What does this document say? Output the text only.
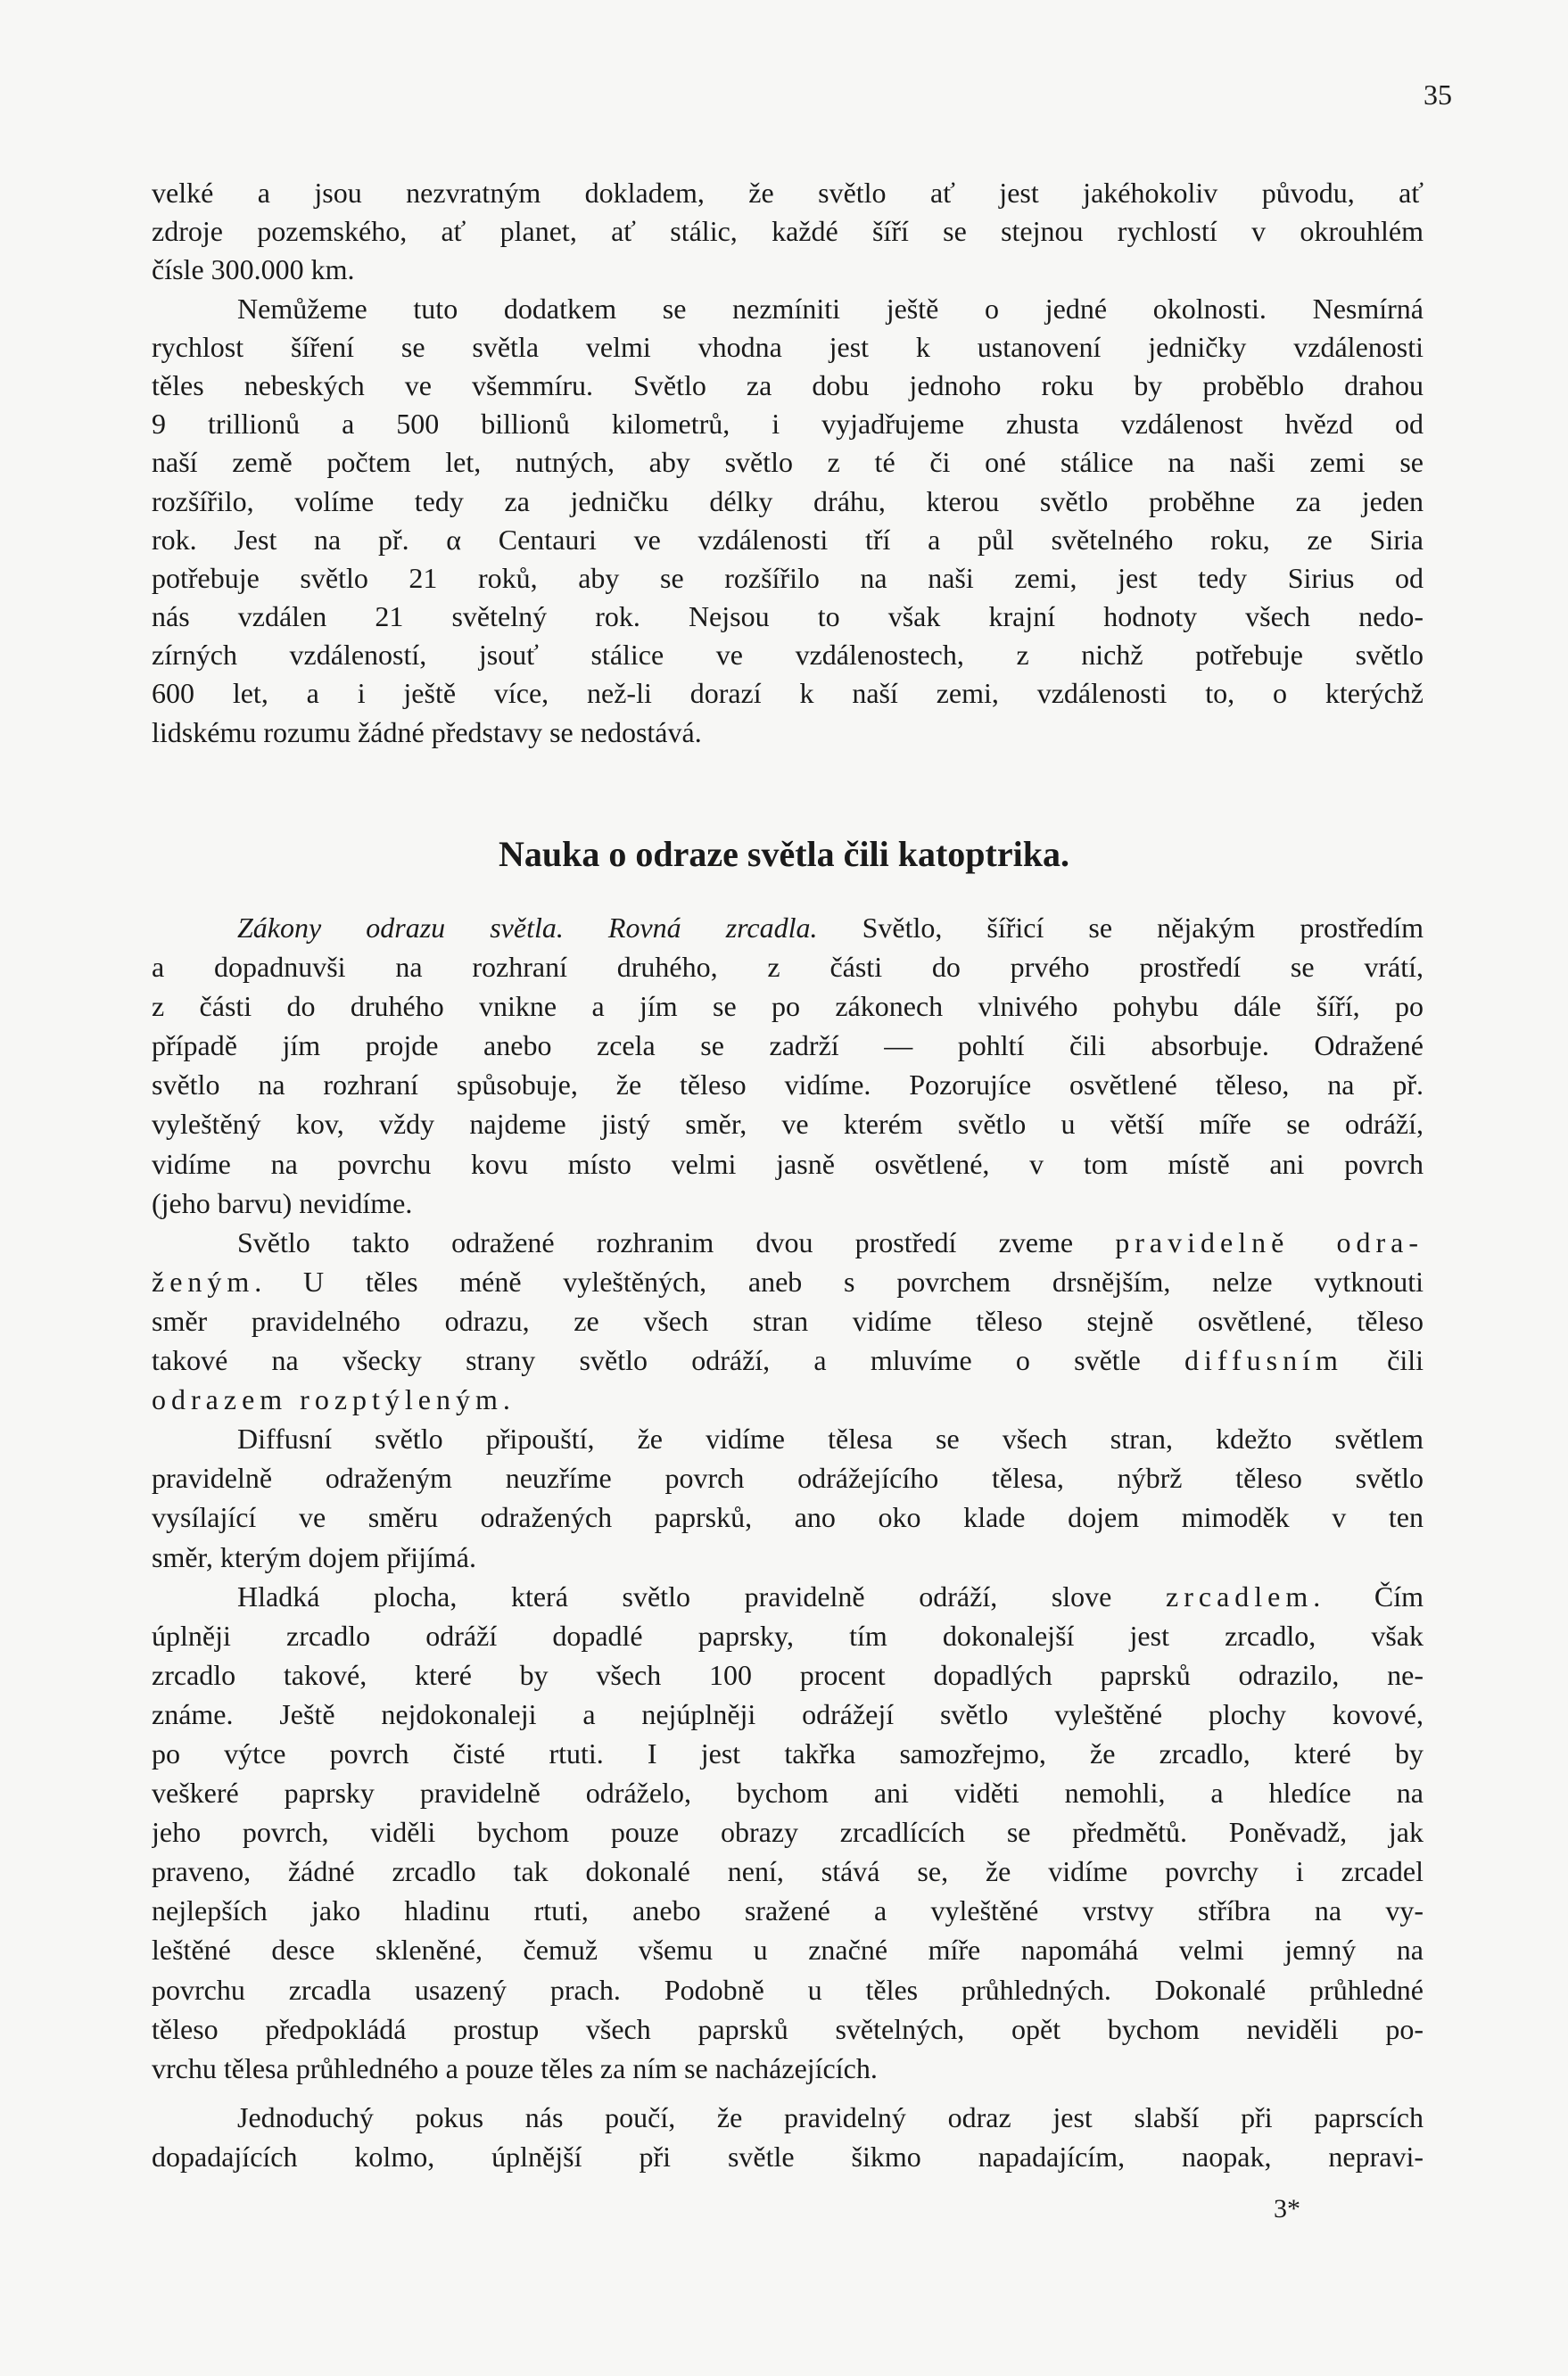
35
velké a jsou nezvratným dokladem, že světlo ať jest jakéhokoliv původu, ať
zdroje pozemského, ať planet, ať stálic, každé šíří se stejnou rychlostí v okrouhlém
čísle 300.000 km.
Nemůžeme tuto dodatkem se nezmíniti ještě o jedné okolnosti. Nesmírná
rychlost šíření se světla velmi vhodna jest k ustanovení jedničky vzdálenosti
těles nebeských ve všemmíru. Světlo za dobu jednoho roku by proběblo drahou
9 trillionů a 500 billionů kilometrů, i vyjadřujeme zhusta vzdálenost hvězd od
naší země počtem let, nutných, aby světlo z té či oné stálice na naši zemi se
rozšířilo, volíme tedy za jedničku délky dráhu, kterou světlo proběhne za jeden
rok. Jest na př. α Centauri ve vzdálenosti tří a půl světelného roku, ze Siria
potřebuje světlo 21 roků, aby se rozšířilo na naši zemi, jest tedy Sirius od
nás vzdálen 21 světelný rok. Nejsou to však krajní hodnoty všech nedo-
zírných vzdáleností, jsouť stálice ve vzdálenostech, z nichž potřebuje světlo
600 let, a i ještě více, než-li dorazí k naší zemi, vzdálenosti to, o kterýchž
lidskému rozumu žádné představy se nedostává.
Nauka o odraze světla čili katoptrika.
Zákony odrazu světla. Rovná zrcadla. Světlo, šířicí se nějakým prostředím
a dopadnuvši na rozhraní druhého, z části do prvého prostředí se vrátí,
z části do druhého vnikne a jím se po zákonech vlnivého pohybu dále šíří, po
případě jím projde anebo zcela se zadrží — pohltí čili absorbuje. Odražené
světlo na rozhraní spůsobuje, že těleso vidíme. Pozorujíce osvětlené těleso, na př.
vyleštěný kov, vždy najdeme jistý směr, ve kterém světlo u větší míře se odráží,
vidíme na povrchu kovu místo velmi jasně osvětlené, v tom místě ani povrch
(jeho barvu) nevidíme.
Světlo takto odražené rozhranim dvou prostředí zveme pravidelně odra-
ženým. U těles méně vyleštěných, aneb s povrchem drsnějším, nelze vytknouti
směr pravidelného odrazu, ze všech stran vidíme těleso stejně osvětlené, těleso
takové na všecky strany světlo odráží, a mluvíme o světle diffusním čili
odrazem rozptýleným.
Diffusní světlo připouští, že vidíme tělesa se všech stran, kdežto světlem
pravidelně odraženým neuzříme povrch odrážejícího tělesa, nýbrž těleso světlo
vysílající ve směru odražených paprsků, ano oko klade dojem mimoděk v ten
směr, kterým dojem přijímá.
Hladká plocha, která světlo pravidelně odráží, slove zrcadlem. Čím
úplněji zrcadlo odráží dopadlé paprsky, tím dokonalejší jest zrcadlo, však
zrcadlo takové, které by všech 100 procent dopadlých paprsků odrazilo, ne-
známe. Ještě nejdokonaleji a nejúplněji odrážejí světlo vyleštěné plochy kovové,
po výtce povrch čisté rtuti. I jest takřka samozřejmo, že zrcadlo, které by
veškeré paprsky pravidelně odráželo, bychom ani viděti nemohli, a hledíce na
jeho povrch, viděli bychom pouze obrazy zrcadlících se předmětů. Poněvadž, jak
praveno, žádné zrcadlo tak dokonalé není, stává se, že vidíme povrchy i zrcadel
nejlepších jako hladinu rtuti, anebo sražené a vyleštěné vrstvy stříbra na vy-
leštěné desce skleněné, čemuž všemu u značné míře napomáhá velmi jemný na
povrchu zrcadla usazený prach. Podobně u těles průhledných. Dokonalé průhledné
těleso předpokládá prostup všech paprsků světelných, opět bychom neviděli po-
vrchu tělesa průhledného a pouze těles za ním se nacházejících.
Jednoduchý pokus nás poučí, že pravidelný odraz jest slabší při paprscích
dopadajících kolmo, úplnější při světle šikmo napadajícím, naopak, nepravi-
3*
